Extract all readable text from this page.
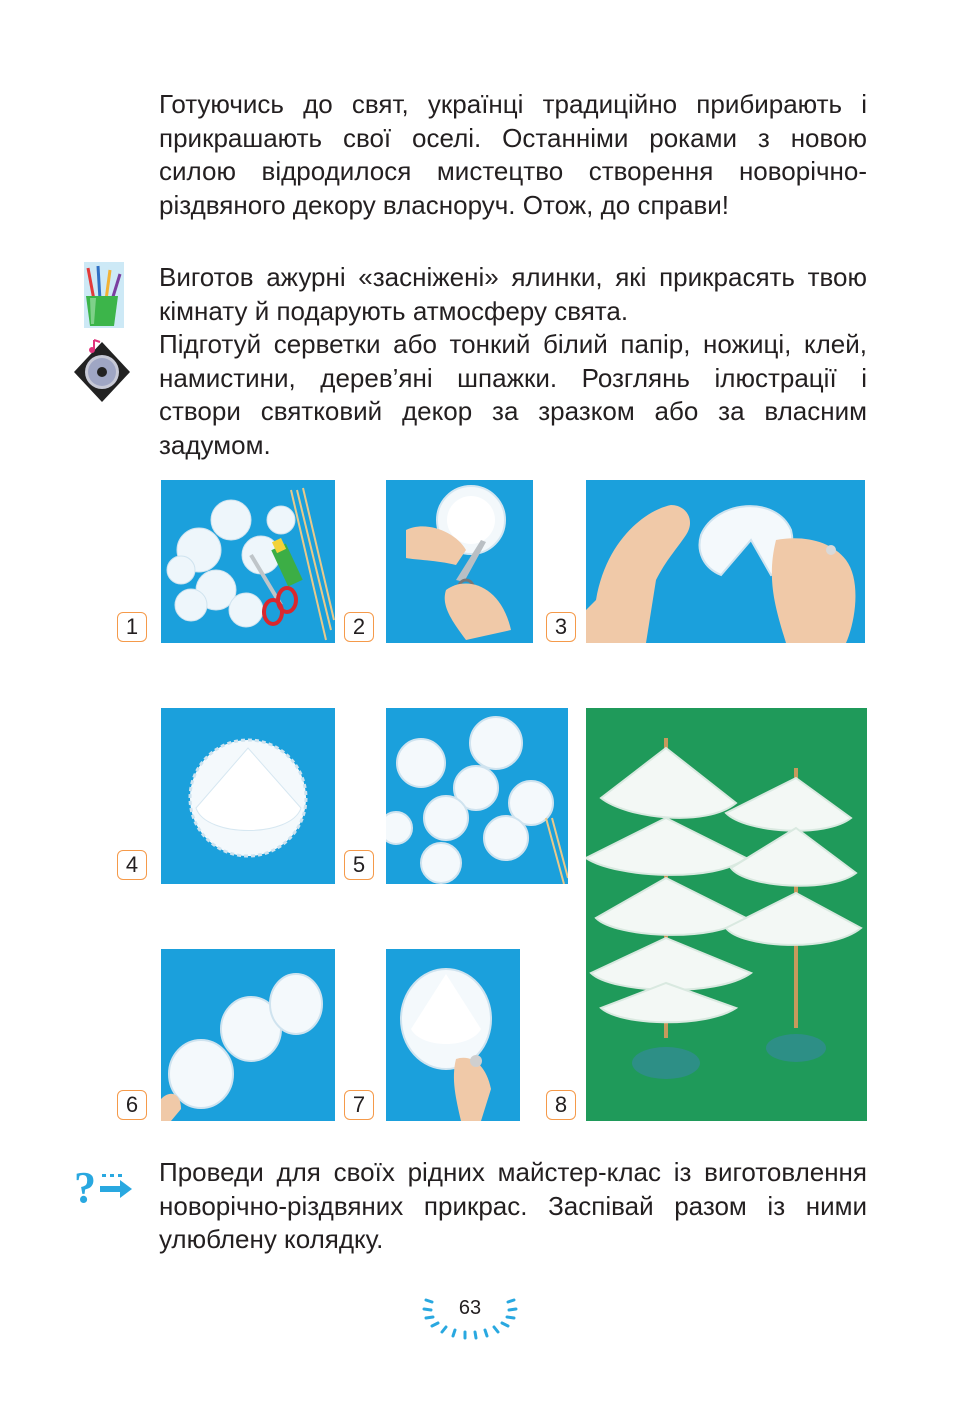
Готуючись до свят, українці традиційно прибирають і прикрашають свої оселі. Останніми роками з новою силою відродилося мистецтво створення новорічно-різдвяного декору власноруч. Отож, до справи!

Виготов ажурні «засніжені» ялинки, які прикрасять твою кімнату й подарують атмосферу свята.

Підготуй серветки або тонкий білий папір, ножиці, клей, намистини, дерев’яні шпажки. Розглянь ілюстрації і створи святковий декор за зразком або за власним задумом.

1	2	3
4	5
6	7	8
? Проведи для своїх рідних майстер-клас із виготовлення новорічно-різдвяних прикрас. Заспівай разом із ними улюблену колядку.

63
